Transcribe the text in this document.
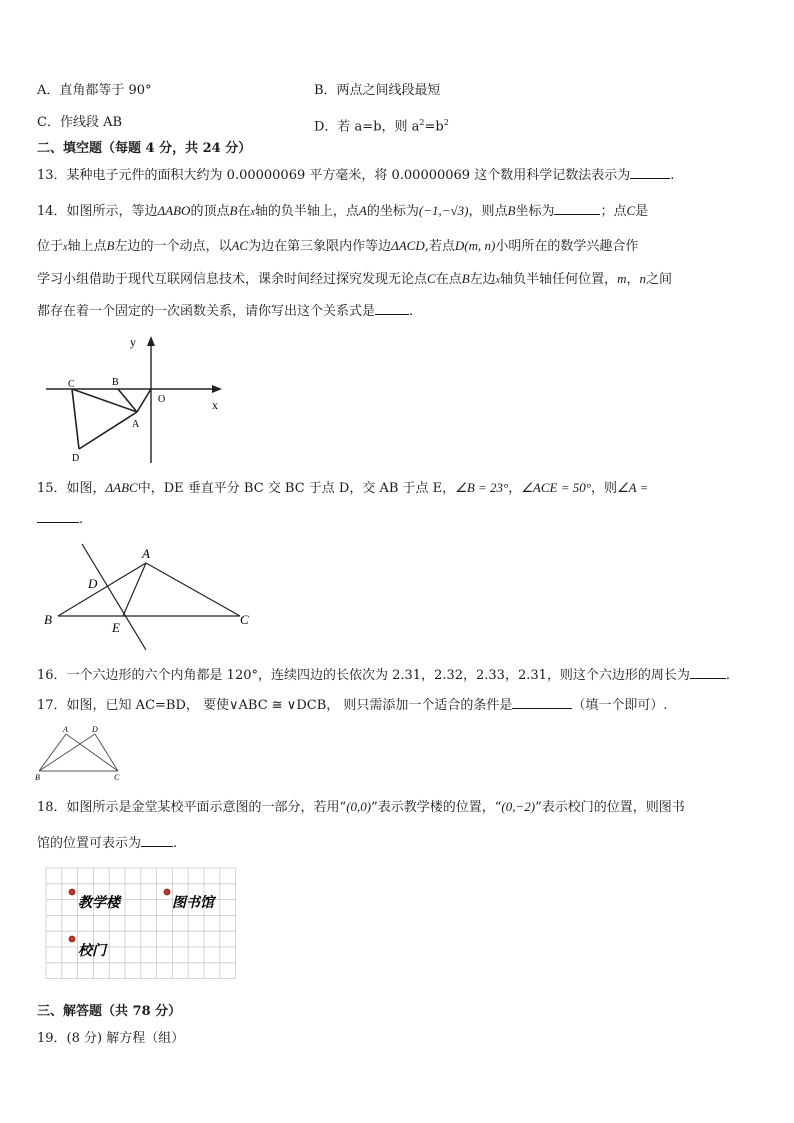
A．直角都等于 90°	B．两点之间线段最短
C．作线段 AB	D．若 a=b，则 $a^2=b^2$
二、填空题（每题 4 分，共 24 分）
13．某种电子元件的面积大约为 0.00000069 平方毫米，将 0.00000069 这个数用科学记数法表示为	.
14．如图所示，等边ΔABO的顶点B在x轴的负半轴上，点A的坐标为(−1,−√3)，则点B坐标为	；点C是
位于x轴上点B左边的一个动点，以AC为边在第三象限内作等边ΔACD,若点D(m, n)小明所在的数学兴趣合作
学习小组借助于现代互联网信息技术，课余时间经过探究发现无论点C在点B左边x轴负半轴任何位置，m，n之间
都存在着一个固定的一次函数关系，请你写出这个关系式是	.
y
x
O
A
B
C
D
15．如图，ΔABC中，DE 垂直平分 BC 交 BC 于点 D，交 AB 于点 E，∠B = 23°，∠ACE = 50°，则∠A =
.
A
B	C
D
E
16．一个六边形的六个内角都是 120°，连续四边的长依次为 2.31，2.32，2.33，2.31，则这个六边形的周长为	.
17．如图，已知 AC=BD， 要使∨ABC ≅ ∨DCB， 则只需添加一个适合的条件是	（填一个即可）.
A	D
B	C
18．如图所示是金堂某校平面示意图的一部分，若用“(0,0)”表示教学楼的位置，“(0,−2)”表示校门的位置，则图书
馆的位置可表示为 .
教学楼	图书馆
校门
三、解答题（共 78 分）
19．(8 分) 解方程（组）
